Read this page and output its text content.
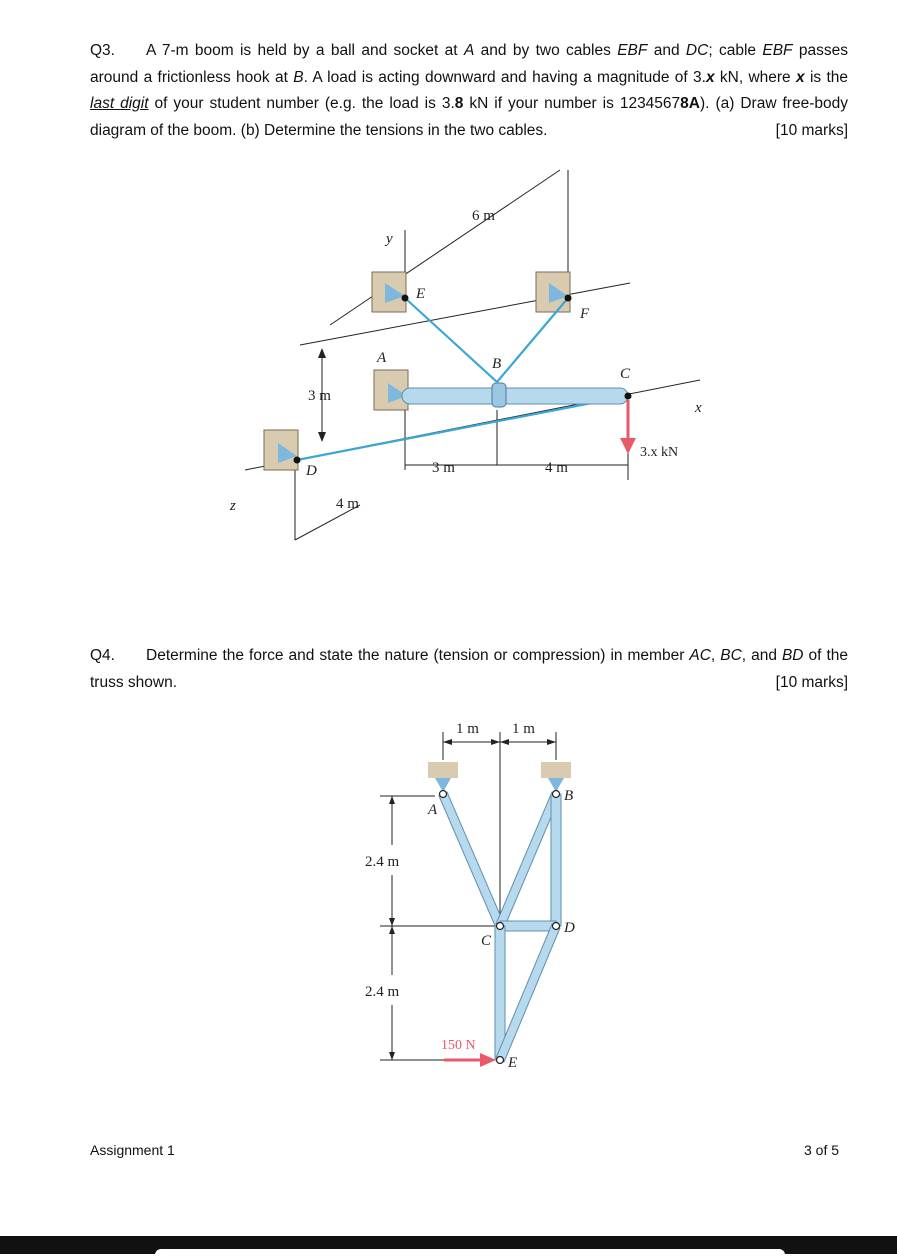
Q3. A 7-m boom is held by a ball and socket at A and by two cables EBF and DC; cable EBF passes around a frictionless hook at B. A load is acting downward and having a magnitude of 3.x kN, where x is the last digit of your student number (e.g. the load is 3.8 kN if your number is 12345678A). (a) Draw free-body diagram of the boom. (b) Determine the tensions in the two cables.	[10 marks]

6 m
y
E
F
A	B
C
D
x
z
3 m
3 m	4 m
4 m
3.x kN

Q4. Determine the force and state the nature (tension or compression) in member AC, BC, and BD of the truss shown.	[10 marks]

1 m 1 m
A
B
C
D
E
2.4 m
2.4 m
150 N
Assignment 1	3 of 5
